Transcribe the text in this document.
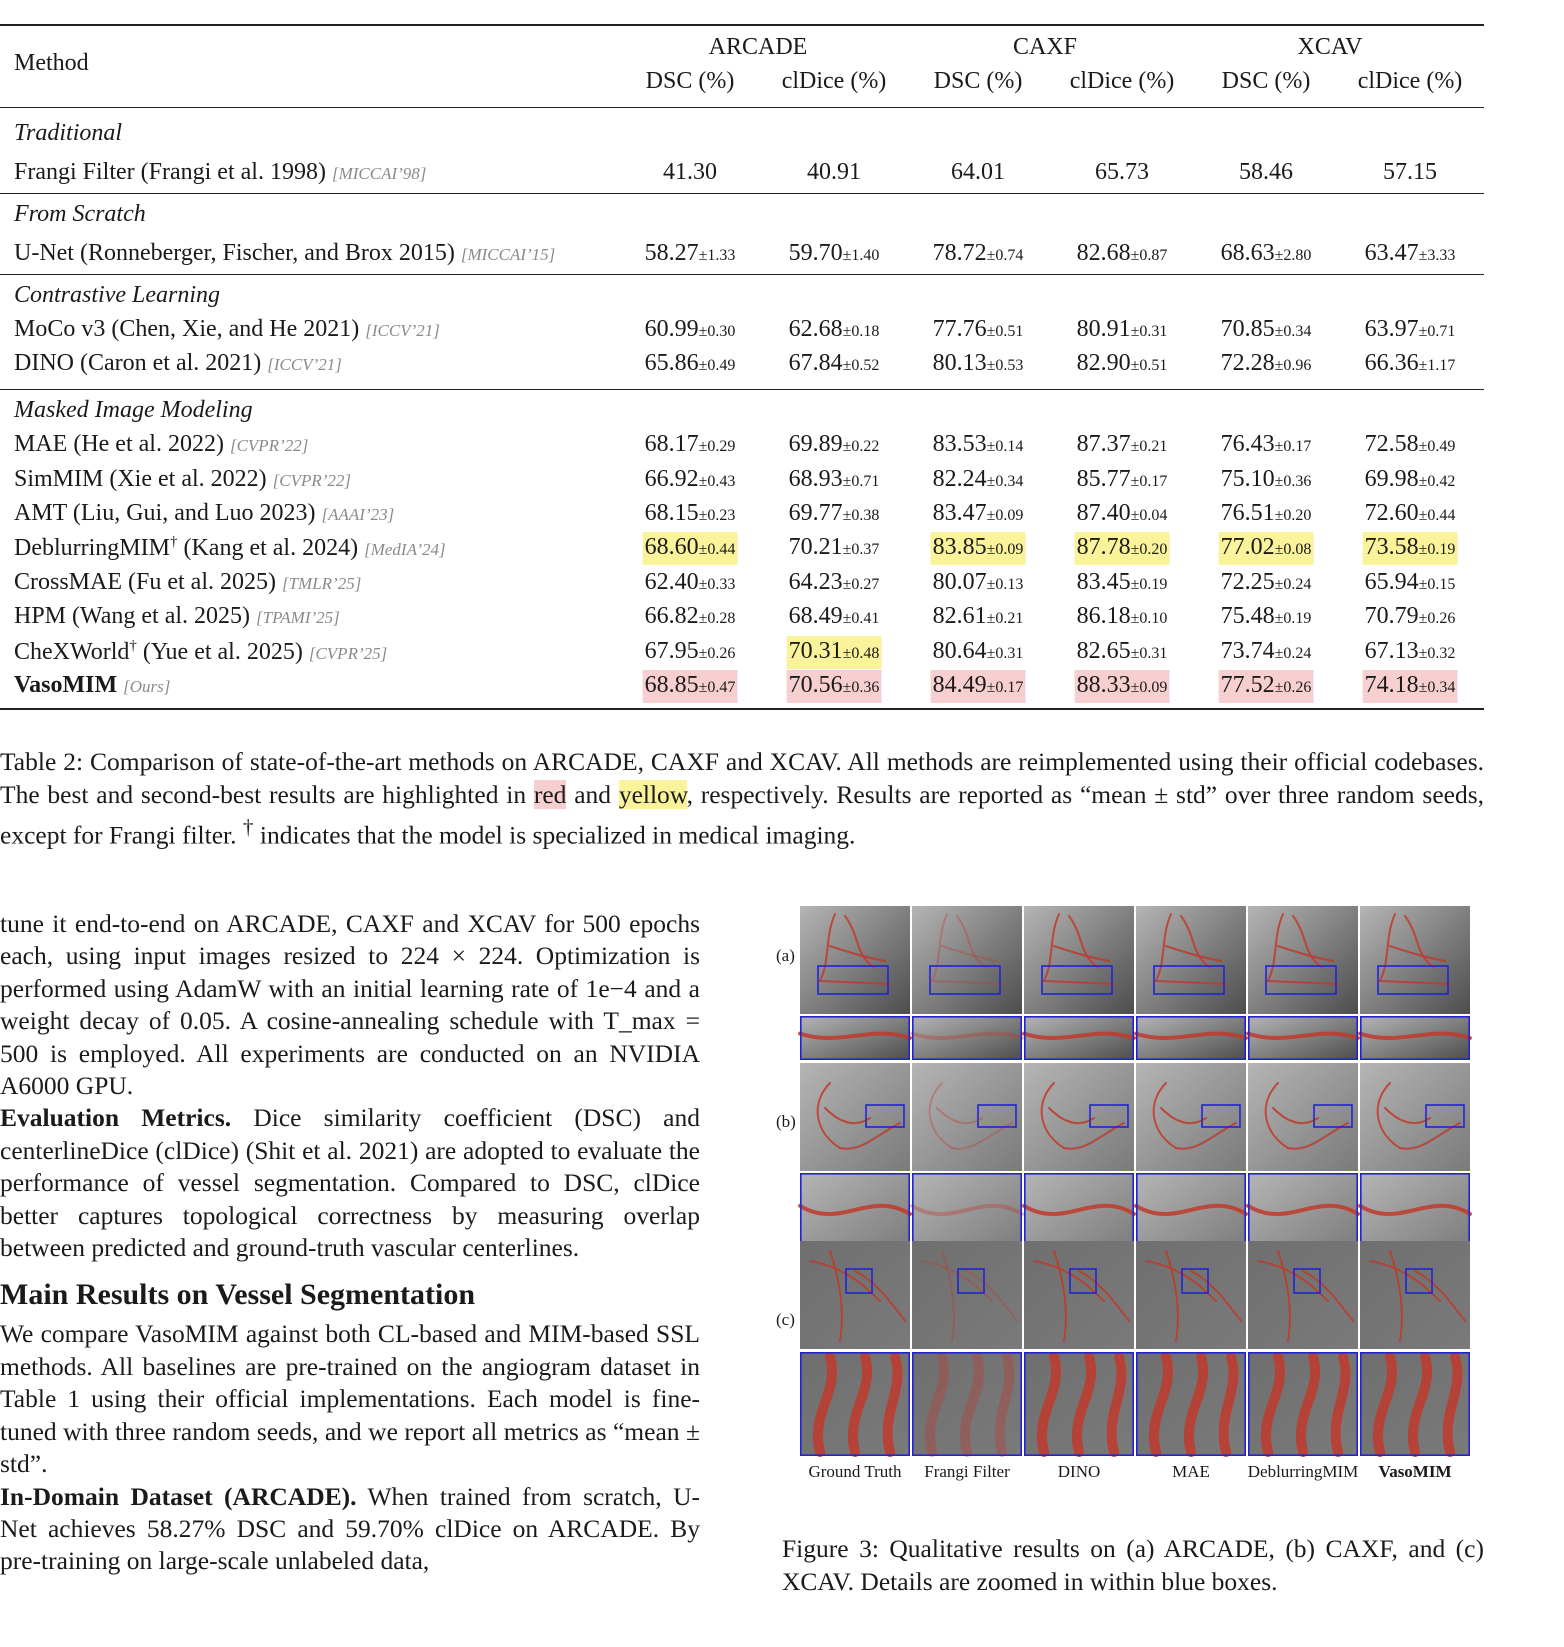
Method
ARCADE	CAXF	XCAV
DSC (%) clDice (%) DSC (%) clDice (%) DSC (%) clDice (%)
Traditional
Frangi Filter (Frangi et al. 1998) [MICCAI’98]	41.30	40.91	64.01	65.73	58.46	57.15
From Scratch
U-Net (Ronneberger, Fischer, and Brox 2015) [MICCAI’15]	58.27±1.33 59.70±1.40 78.72±0.74 82.68±0.87 68.63±2.80 63.47±3.33
Contrastive Learning
MoCo v3 (Chen, Xie, and He 2021) [ICCV’21]	60.99±0.30 62.68±0.18 77.76±0.51 80.91±0.31 70.85±0.34 63.97±0.71
DINO (Caron et al. 2021) [ICCV’21]	65.86±0.49 67.84±0.52 80.13±0.53 82.90±0.51 72.28±0.96 66.36±1.17
Masked Image Modeling
MAE (He et al. 2022) [CVPR’22]	68.17±0.29 69.89±0.22 83.53±0.14 87.37±0.21 76.43±0.17 72.58±0.49
SimMIM (Xie et al. 2022) [CVPR’22]	66.92±0.43 68.93±0.71 82.24±0.34 85.77±0.17 75.10±0.36 69.98±0.42
AMT (Liu, Gui, and Luo 2023) [AAAI’23]	68.15±0.23 69.77±0.38 83.47±0.09 87.40±0.04 76.51±0.20 72.60±0.44
DeblurringMIM† (Kang et al. 2024) [MedIA’24]	68.60±0.44 70.21±0.37 83.85±0.09 87.78±0.20 77.02±0.08 73.58±0.19
CrossMAE (Fu et al. 2025) [TMLR’25]	62.40±0.33 64.23±0.27 80.07±0.13 83.45±0.19 72.25±0.24 65.94±0.15
HPM (Wang et al. 2025) [TPAMI’25]	66.82±0.28 68.49±0.41 82.61±0.21 86.18±0.10 75.48±0.19 70.79±0.26
CheXWorld† (Yue et al. 2025) [CVPR’25]	67.95±0.26 70.31±0.48 80.64±0.31 82.65±0.31 73.74±0.24 67.13±0.32
VasoMIM [Ours]	68.85±0.47 70.56±0.36 84.49±0.17 88.33±0.09 77.52±0.26 74.18±0.34
Table 2: Comparison of state-of-the-art methods on ARCADE, CAXF and XCAV. All methods are reimplemented using their official codebases. The best and second-best results are highlighted in red and yellow, respectively. Results are reported as “mean ± std” over three random seeds, except for Frangi filter. † indicates that the model is specialized in medical imaging.

tune it end-to-end on ARCADE, CAXF and XCAV for 500 epochs each, using input images resized to 224 × 224. Optimization is performed using AdamW with an initial learning rate of 1e−4 and a weight decay of 0.05. A cosine-annealing schedule with T_max = 500 is employed. All experiments are conducted on an NVIDIA A6000 GPU.

Evaluation Metrics. Dice similarity coefficient (DSC) and centerlineDice (clDice) (Shit et al. 2021) are adopted to evaluate the performance of vessel segmentation. Compared to DSC, clDice better captures topological correctness by measuring overlap between predicted and ground-truth vascular centerlines.

Main Results on Vessel Segmentation

We compare VasoMIM against both CL-based and MIM-based SSL methods. All baselines are pre-trained on the angiogram dataset in Table 1 using their official implementations. Each model is fine-tuned with three random seeds, and we report all metrics as “mean ± std”.

In-Domain Dataset (ARCADE). When trained from scratch, U-Net achieves 58.27% DSC and 59.70% clDice on ARCADE. By pre-training on large-scale unlabeled data,

(a)
(b)
(c)
Ground Truth Frangi Filter	DINO	MAE DeblurringMIM VasoMIM
Figure 3: Qualitative results on (a) ARCADE, (b) CAXF, and (c) XCAV. Details are zoomed in within blue boxes.
